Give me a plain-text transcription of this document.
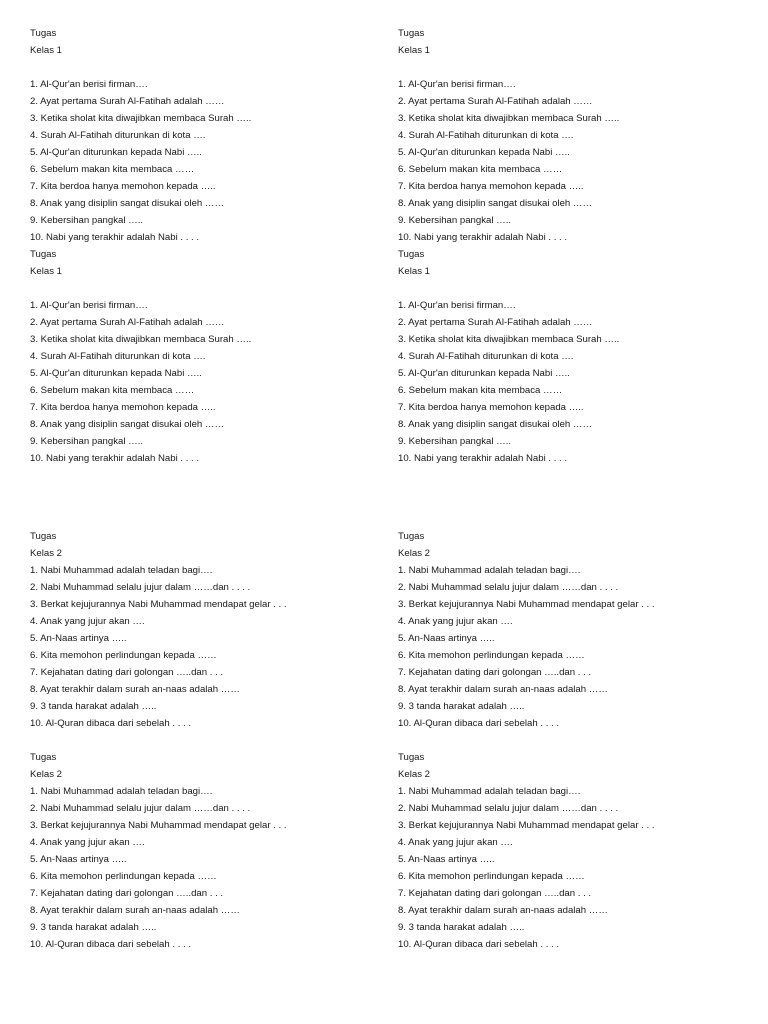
Tugas
Kelas 1
1. Al-Qur'an berisi firman….
2. Ayat pertama Surah Al-Fatihah adalah ……
3. Ketika sholat kita diwajibkan membaca Surah …..
4. Surah Al-Fatihah diturunkan di kota ….
5. Al-Qur'an diturunkan kepada Nabi …..
6. Sebelum makan kita membaca ……
7. Kita berdoa hanya memohon kepada …..
8. Anak yang disiplin sangat disukai oleh ……
9. Kebersihan pangkal …..
10. Nabi yang terakhir adalah Nabi . . . .
Tugas
Kelas 1
1. Al-Qur'an berisi firman….
2. Ayat pertama Surah Al-Fatihah adalah ……
3. Ketika sholat kita diwajibkan membaca Surah …..
4. Surah Al-Fatihah diturunkan di kota ….
5. Al-Qur'an diturunkan kepada Nabi …..
6. Sebelum makan kita membaca ……
7. Kita berdoa hanya memohon kepada …..
8. Anak yang disiplin sangat disukai oleh ……
9. Kebersihan pangkal …..
10. Nabi yang terakhir adalah Nabi . . . .
Tugas
Kelas 1
1. Al-Qur'an berisi firman….
2. Ayat pertama Surah Al-Fatihah adalah ……
3. Ketika sholat kita diwajibkan membaca Surah …..
4. Surah Al-Fatihah diturunkan di kota ….
5. Al-Qur'an diturunkan kepada Nabi …..
6. Sebelum makan kita membaca ……
7. Kita berdoa hanya memohon kepada …..
8. Anak yang disiplin sangat disukai oleh ……
9. Kebersihan pangkal …..
10. Nabi yang terakhir adalah Nabi . . . .
Tugas
Kelas 1
1. Al-Qur'an berisi firman….
2. Ayat pertama Surah Al-Fatihah adalah ……
3. Ketika sholat kita diwajibkan membaca Surah …..
4. Surah Al-Fatihah diturunkan di kota ….
5. Al-Qur'an diturunkan kepada Nabi …..
6. Sebelum makan kita membaca ……
7. Kita berdoa hanya memohon kepada …..
8. Anak yang disiplin sangat disukai oleh ……
9. Kebersihan pangkal …..
10. Nabi yang terakhir adalah Nabi . . . .
Tugas
Kelas 2
1. Nabi Muhammad adalah teladan bagi….
2. Nabi Muhammad selalu jujur dalam ……dan . . . .
3. Berkat kejujurannya Nabi Muhammad mendapat gelar . . .
4. Anak yang jujur akan ….
5. An-Naas artinya …..
6. Kita memohon perlindungan kepada ……
7. Kejahatan dating dari golongan …..dan . . .
8. Ayat terakhir dalam surah an-naas adalah ……
9. 3 tanda harakat adalah …..
10. Al-Quran dibaca dari sebelah . . . .
Tugas
Kelas 2
1. Nabi Muhammad adalah teladan bagi….
2. Nabi Muhammad selalu jujur dalam ……dan . . . .
3. Berkat kejujurannya Nabi Muhammad mendapat gelar . . .
4. Anak yang jujur akan ….
5. An-Naas artinya …..
6. Kita memohon perlindungan kepada ……
7. Kejahatan dating dari golongan …..dan . . .
8. Ayat terakhir dalam surah an-naas adalah ……
9. 3 tanda harakat adalah …..
10. Al-Quran dibaca dari sebelah . . . .
Tugas
Kelas 2
1. Nabi Muhammad adalah teladan bagi….
2. Nabi Muhammad selalu jujur dalam ……dan . . . .
3. Berkat kejujurannya Nabi Muhammad mendapat gelar . . .
4. Anak yang jujur akan ….
5. An-Naas artinya …..
6. Kita memohon perlindungan kepada ……
7. Kejahatan dating dari golongan …..dan . . .
8. Ayat terakhir dalam surah an-naas adalah ……
9. 3 tanda harakat adalah …..
10. Al-Quran dibaca dari sebelah . . . .
Tugas
Kelas 2
1. Nabi Muhammad adalah teladan bagi….
2. Nabi Muhammad selalu jujur dalam ……dan . . . .
3. Berkat kejujurannya Nabi Muhammad mendapat gelar . . .
4. Anak yang jujur akan ….
5. An-Naas artinya …..
6. Kita memohon perlindungan kepada ……
7. Kejahatan dating dari golongan …..dan . . .
8. Ayat terakhir dalam surah an-naas adalah ……
9. 3 tanda harakat adalah …..
10. Al-Quran dibaca dari sebelah . . . .
